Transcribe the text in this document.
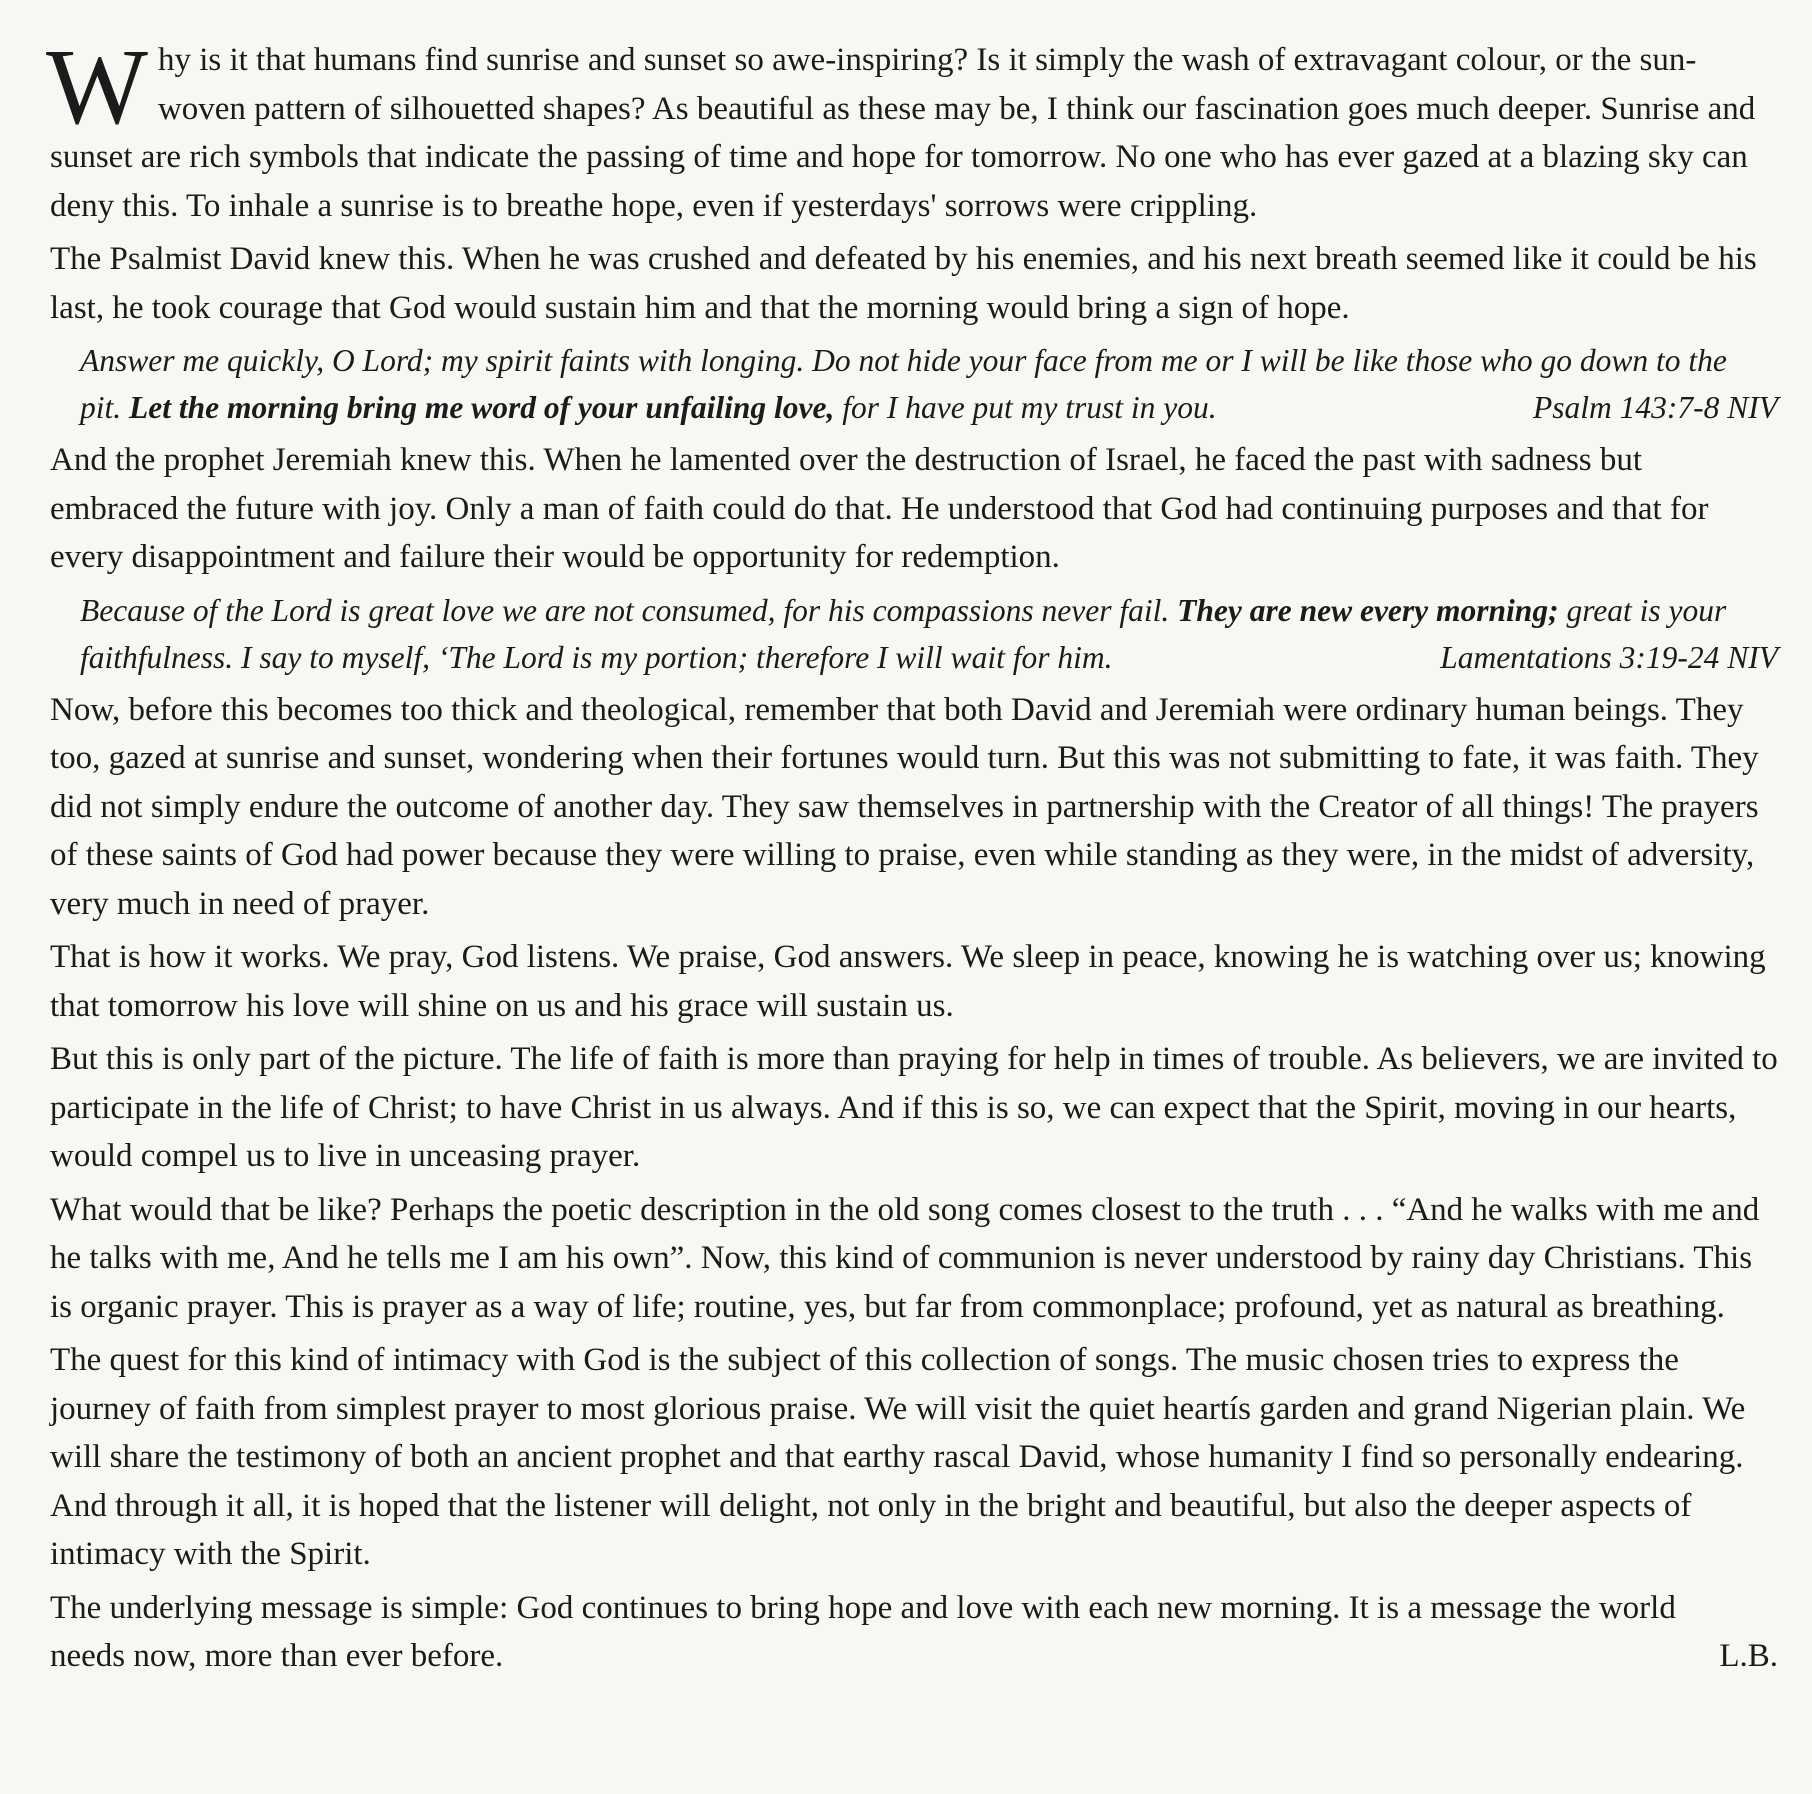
Why is it that humans find sunrise and sunset so awe-inspiring? Is it simply the wash of extravagant colour, or the sun-woven pattern of silhouetted shapes? As beautiful as these may be, I think our fascination goes much deeper. Sunrise and sunset are rich symbols that indicate the passing of time and hope for tomorrow. No one who has ever gazed at a blazing sky can deny this. To inhale a sunrise is to breathe hope, even if yesterdays' sorrows were crippling.

The Psalmist David knew this. When he was crushed and defeated by his enemies, and his next breath seemed like it could be his last, he took courage that God would sustain him and that the morning would bring a sign of hope.

Answer me quickly, O Lord; my spirit faints with longing. Do not hide your face from me or I will be like those who go down to the
pit. Let the morning bring me word of your unfailing love, for I have put my trust in you.	Psalm 143:7-8 NIV

And the prophet Jeremiah knew this. When he lamented over the destruction of Israel, he faced the past with sadness but embraced the future with joy. Only a man of faith could do that. He understood that God had continuing purposes and that for every disappointment and failure their would be opportunity for redemption.

Because of the Lord is great love we are not consumed, for his compassions never fail. They are new every morning; great is your
faithfulness. I say to myself, ‘The Lord is my portion; therefore I will wait for him.	Lamentations 3:19-24 NIV

Now, before this becomes too thick and theological, remember that both David and Jeremiah were ordinary human beings. They too, gazed at sunrise and sunset, wondering when their fortunes would turn. But this was not submitting to fate, it was faith. They did not simply endure the outcome of another day. They saw themselves in partnership with the Creator of all things! The prayers of these saints of God had power because they were willing to praise, even while standing as they were, in the midst of adversity, very much in need of prayer.

That is how it works. We pray, God listens. We praise, God answers. We sleep in peace, knowing he is watching over us; knowing that tomorrow his love will shine on us and his grace will sustain us.

But this is only part of the picture. The life of faith is more than praying for help in times of trouble. As believers, we are invited to participate in the life of Christ; to have Christ in us always. And if this is so, we can expect that the Spirit, moving in our hearts, would compel us to live in unceasing prayer.

What would that be like? Perhaps the poetic description in the old song comes closest to the truth . . . “And he walks with me and he talks with me, And he tells me I am his own”. Now, this kind of communion is never understood by rainy day Christians. This is organic prayer. This is prayer as a way of life; routine, yes, but far from commonplace; profound, yet as natural as breathing.

The quest for this kind of intimacy with God is the subject of this collection of songs. The music chosen tries to express the journey of faith from simplest prayer to most glorious praise. We will visit the quiet heartís garden and grand Nigerian plain. We will share the testimony of both an ancient prophet and that earthy rascal David, whose humanity I find so personally endearing. And through it all, it is hoped that the listener will delight, not only in the bright and beautiful, but also the deeper aspects of intimacy with the Spirit.

The underlying message is simple: God continues to bring hope and love with each new morning. It is a message the world
needs now, more than ever before.	L.B.
